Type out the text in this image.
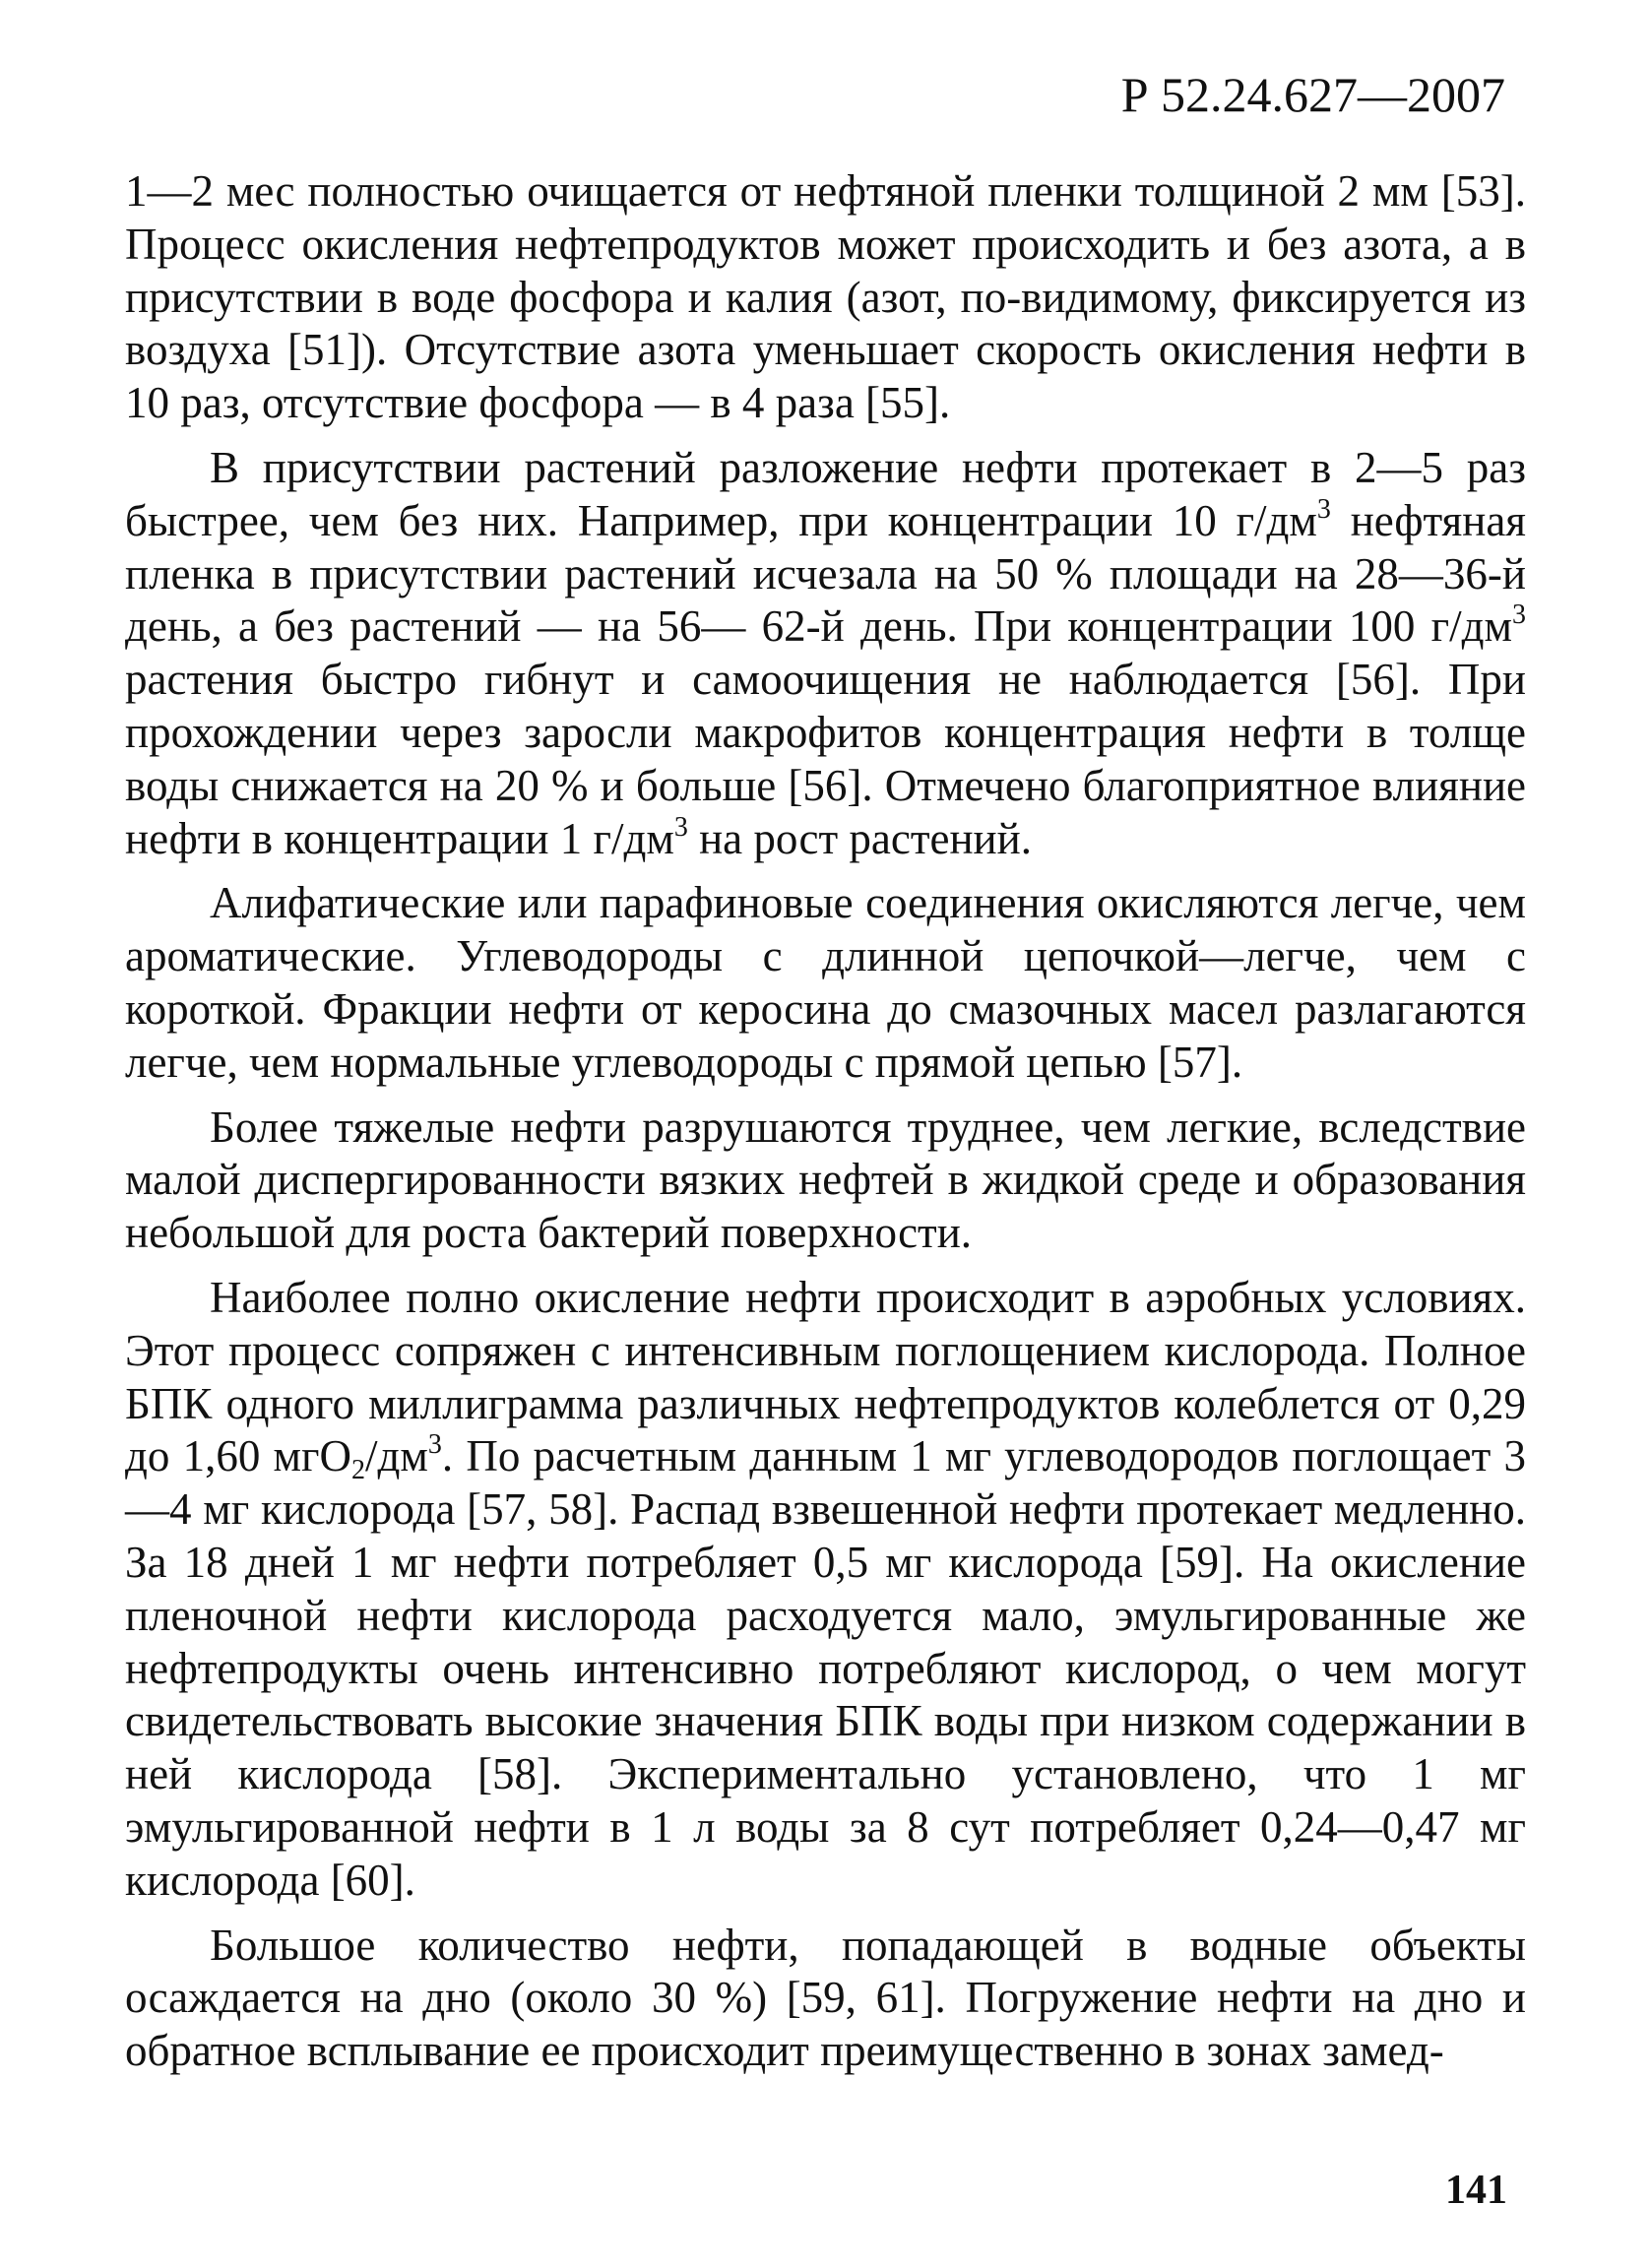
Р 52.24.627—2007

1—2 мес полностью очищается от нефтяной пленки толщиной 2 мм [53]. Процесс окисления нефтепродуктов может происходить и без азота, а в присутствии в воде фосфора и калия (азот, по-видимому, фиксируется из воздуха [51]). Отсутствие азота уменьшает скорость окисления нефти в 10 раз, отсутствие фосфора — в 4 раза [55].

В присутствии растений разложение нефти протекает в 2—5 раз быстрее, чем без них. Например, при концентрации 10 $г/дм^3$ нефтяная пленка в присутствии растений исчезала на 50 % площади на 28—36-й день, а без растений — на 56— 62-й день. При концентрации 100 $г/дм^3$ растения быстро гибнут и самоочищения не наблюдается [56]. При прохождении через заросли макрофитов концентрация нефти в толще воды снижается на 20 % и больше [56]. Отмечено благоприятное влияние нефти в концентрации 1 $г/дм^3$ на рост растений.

Алифатические или парафиновые соединения окисляются легче, чем ароматические. Углеводороды с длинной цепочкой—легче, чем с короткой. Фракции нефти от керосина до смазочных масел разлагаются легче, чем нормальные углеводороды с прямой цепью [57].

Более тяжелые нефти разрушаются труднее, чем легкие, вследствие малой диспергированности вязких нефтей в жидкой среде и образования небольшой для роста бактерий поверхности.

Наиболее полно окисление нефти происходит в аэробных условиях. Этот процесс сопряжен с интенсивным поглощением кислорода. Полное БПК одного миллиграмма различных нефтепродуктов колеблется от 0,29 до 1,60 $мгО_2/дм^3$. По расчетным данным 1 мг углеводородов поглощает 3—4 мг кислорода [57, 58]. Распад взвешенной нефти протекает медленно. За 18 дней 1 мг нефти потребляет 0,5 мг кислорода [59]. На окисление пленочной нефти кислорода расходуется мало, эмульгированные же нефтепродукты очень интенсивно потребляют кислород, о чем могут свидетельствовать высокие значения БПК воды при низком содержании в ней кислорода [58]. Экспериментально установлено, что 1 мг эмульгированной нефти в 1 л воды за 8 сут потребляет 0,24—0,47 мг кислорода [60].

Большое количество нефти, попадающей в водные объекты осаждается на дно (около 30 %) [59, 61]. Погружение нефти на дно и обратное всплывание ее происходит преимущественно в зонах замед-

141
